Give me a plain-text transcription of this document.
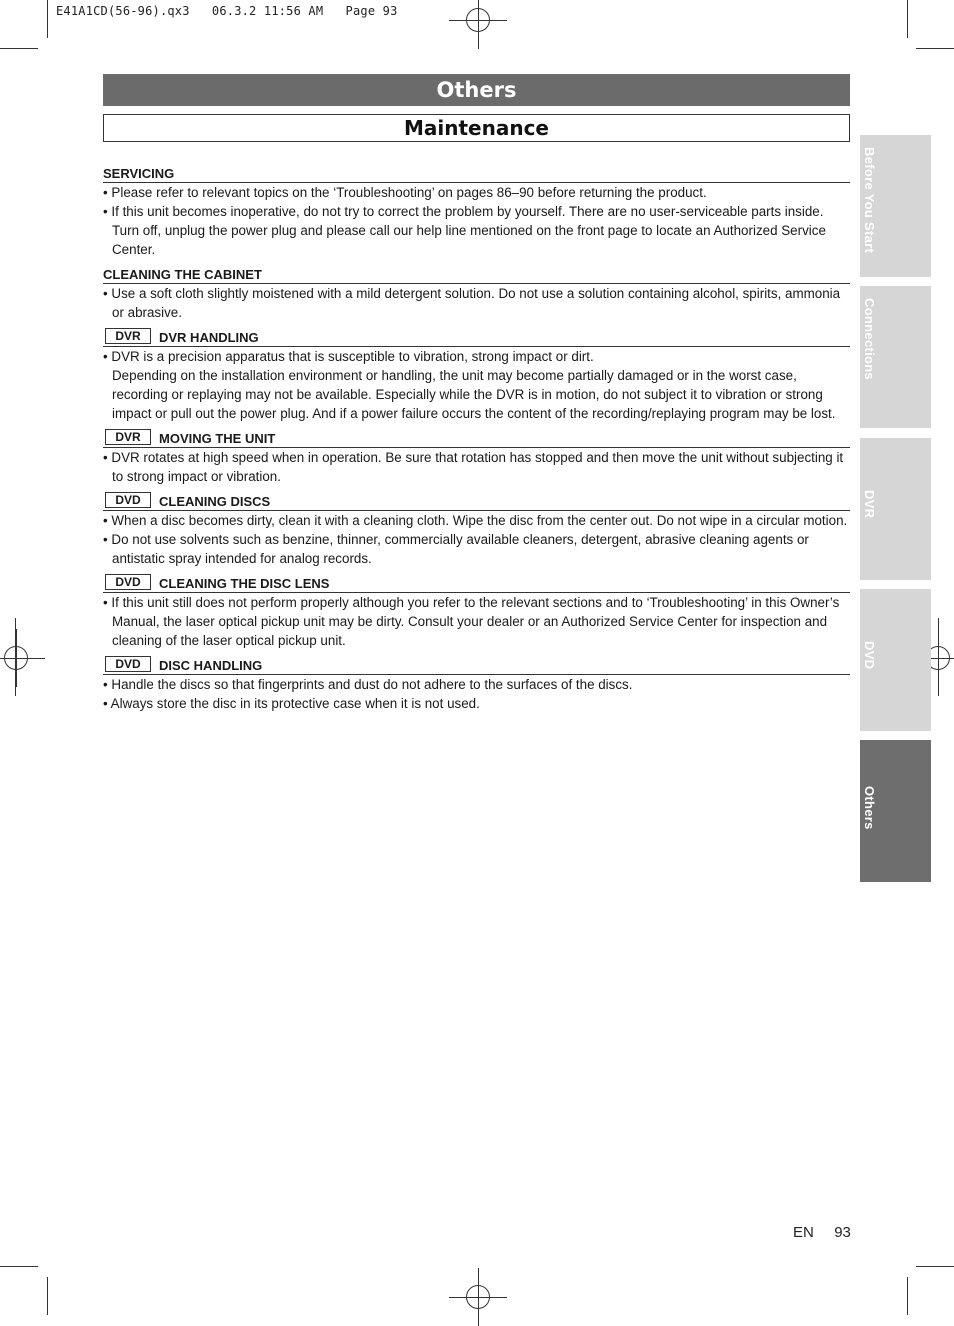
E41A1CD(56-96).qx3   06.3.2 11:56 AM   Page 93
Others
Maintenance
SERVICING
• Please refer to relevant topics on the ‘Troubleshooting’ on pages 86–90 before returning the product.
• If this unit becomes inoperative, do not try to correct the problem by yourself. There are no user-serviceable parts inside. Turn off, unplug the power plug and please call our help line mentioned on the front page to locate an Authorized Service Center.
CLEANING THE CABINET
• Use a soft cloth slightly moistened with a mild detergent solution. Do not use a solution containing alcohol, spirits, ammonia or abrasive.
DVR	DVR HANDLING
• DVR is a precision apparatus that is susceptible to vibration, strong impact or dirt.
Depending on the installation environment or handling, the unit may become partially damaged or in the worst case, recording or replaying may not be available. Especially while the DVR is in motion, do not subject it to vibration or strong impact or pull out the power plug. And if a power failure occurs the content of the recording/replaying program may be lost.
DVR	MOVING THE UNIT
• DVR rotates at high speed when in operation. Be sure that rotation has stopped and then move the unit without subjecting it to strong impact or vibration.
DVD	CLEANING DISCS
• When a disc becomes dirty, clean it with a cleaning cloth. Wipe the disc from the center out. Do not wipe in a circular motion.
• Do not use solvents such as benzine, thinner, commercially available cleaners, detergent, abrasive cleaning agents or antistatic spray intended for analog records.
DVD	CLEANING THE DISC LENS
• If this unit still does not perform properly although you refer to the relevant sections and to ‘Troubleshooting’ in this Owner’s Manual, the laser optical pickup unit may be dirty. Consult your dealer or an Authorized Service Center for inspection and cleaning of the laser optical pickup unit.
DVD	DISC HANDLING
• Handle the discs so that fingerprints and dust do not adhere to the surfaces of the discs.
• Always store the disc in its protective case when it is not used.
Before You Start
Connections
DVR
DVD
Others
EN 93
